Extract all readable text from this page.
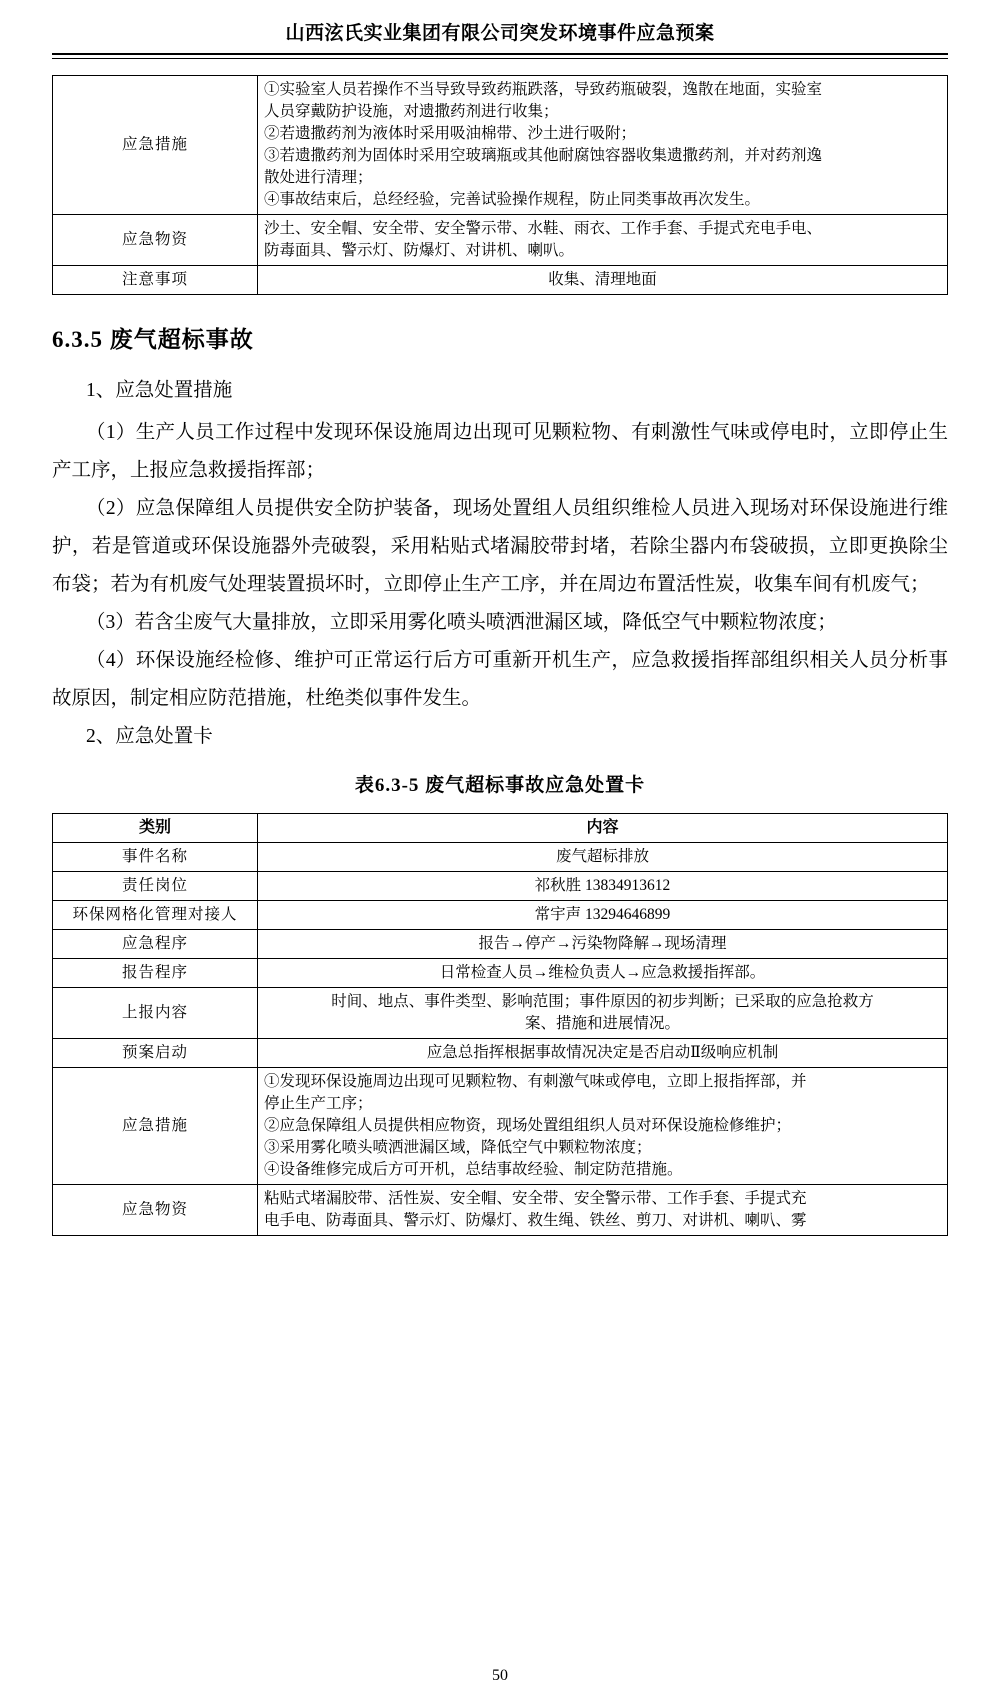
山西泫氏实业集团有限公司突发环境事件应急预案
应急措施	
①实验室人员若操作不当导致导致药瓶跌落，导致药瓶破裂，逸散在地面，实验室
人员穿戴防护设施，对遗撒药剂进行收集；
②若遗撒药剂为液体时采用吸油棉带、沙土进行吸附；
③若遗撒药剂为固体时采用空玻璃瓶或其他耐腐蚀容器收集遗撒药剂，并对药剂逸
散处进行清理；
④事故结束后，总经经验，完善试验操作规程，防止同类事故再次发生。

应急物资	沙土、安全帽、安全带、安全警示带、水鞋、雨衣、工作手套、手提式充电手电、
防毒面具、警示灯、防爆灯、对讲机、喇叭。

注意事项	收集、清理地面
6.3.5 废气超标事故
1、应急处置措施

（1）生产人员工作过程中发现环保设施周边出现可见颗粒物、有刺激性气味或停电时，立即停止生产工序，上报应急救援指挥部；

（2）应急保障组人员提供安全防护装备，现场处置组人员组织维检人员进入现场对环保设施进行维护，若是管道或环保设施器外壳破裂，采用粘贴式堵漏胶带封堵，若除尘器内布袋破损，立即更换除尘布袋；若为有机废气处理装置损坏时，立即停止生产工序，并在周边布置活性炭，收集车间有机废气；

（3）若含尘废气大量排放，立即采用雾化喷头喷洒泄漏区域，降低空气中颗粒物浓度；

（4）环保设施经检修、维护可正常运行后方可重新开机生产，应急救援指挥部组织相关人员分析事故原因，制定相应防范措施，杜绝类似事件发生。

2、应急处置卡
表6.3-5 废气超标事故应急处置卡
类别	内容
事件名称	废气超标排放
责任岗位	祁秋胜 13834913612
环保网格化管理对接人	常宇声 13294646899
应急程序	报告→停产→污染物降解→现场清理
报告程序	日常检查人员→维检负责人→应急救援指挥部。
上报内容	时间、地点、事件类型、影响范围；事件原因的初步判断；已采取的应急抢救方
案、措施和进展情况。

预案启动	应急总指挥根据事故情况决定是否启动Ⅱ级响应机制
应急措施	①发现环保设施周边出现可见颗粒物、有刺激气味或停电，立即上报指挥部，并
停止生产工序；
②应急保障组人员提供相应物资，现场处置组组织人员对环保设施检修维护；
③采用雾化喷头喷洒泄漏区域，降低空气中颗粒物浓度；
④设备维修完成后方可开机，总结事故经验、制定防范措施。

应急物资	粘贴式堵漏胶带、活性炭、安全帽、安全带、安全警示带、工作手套、手提式充
电手电、防毒面具、警示灯、防爆灯、救生绳、铁丝、剪刀、对讲机、喇叭、雾
50
